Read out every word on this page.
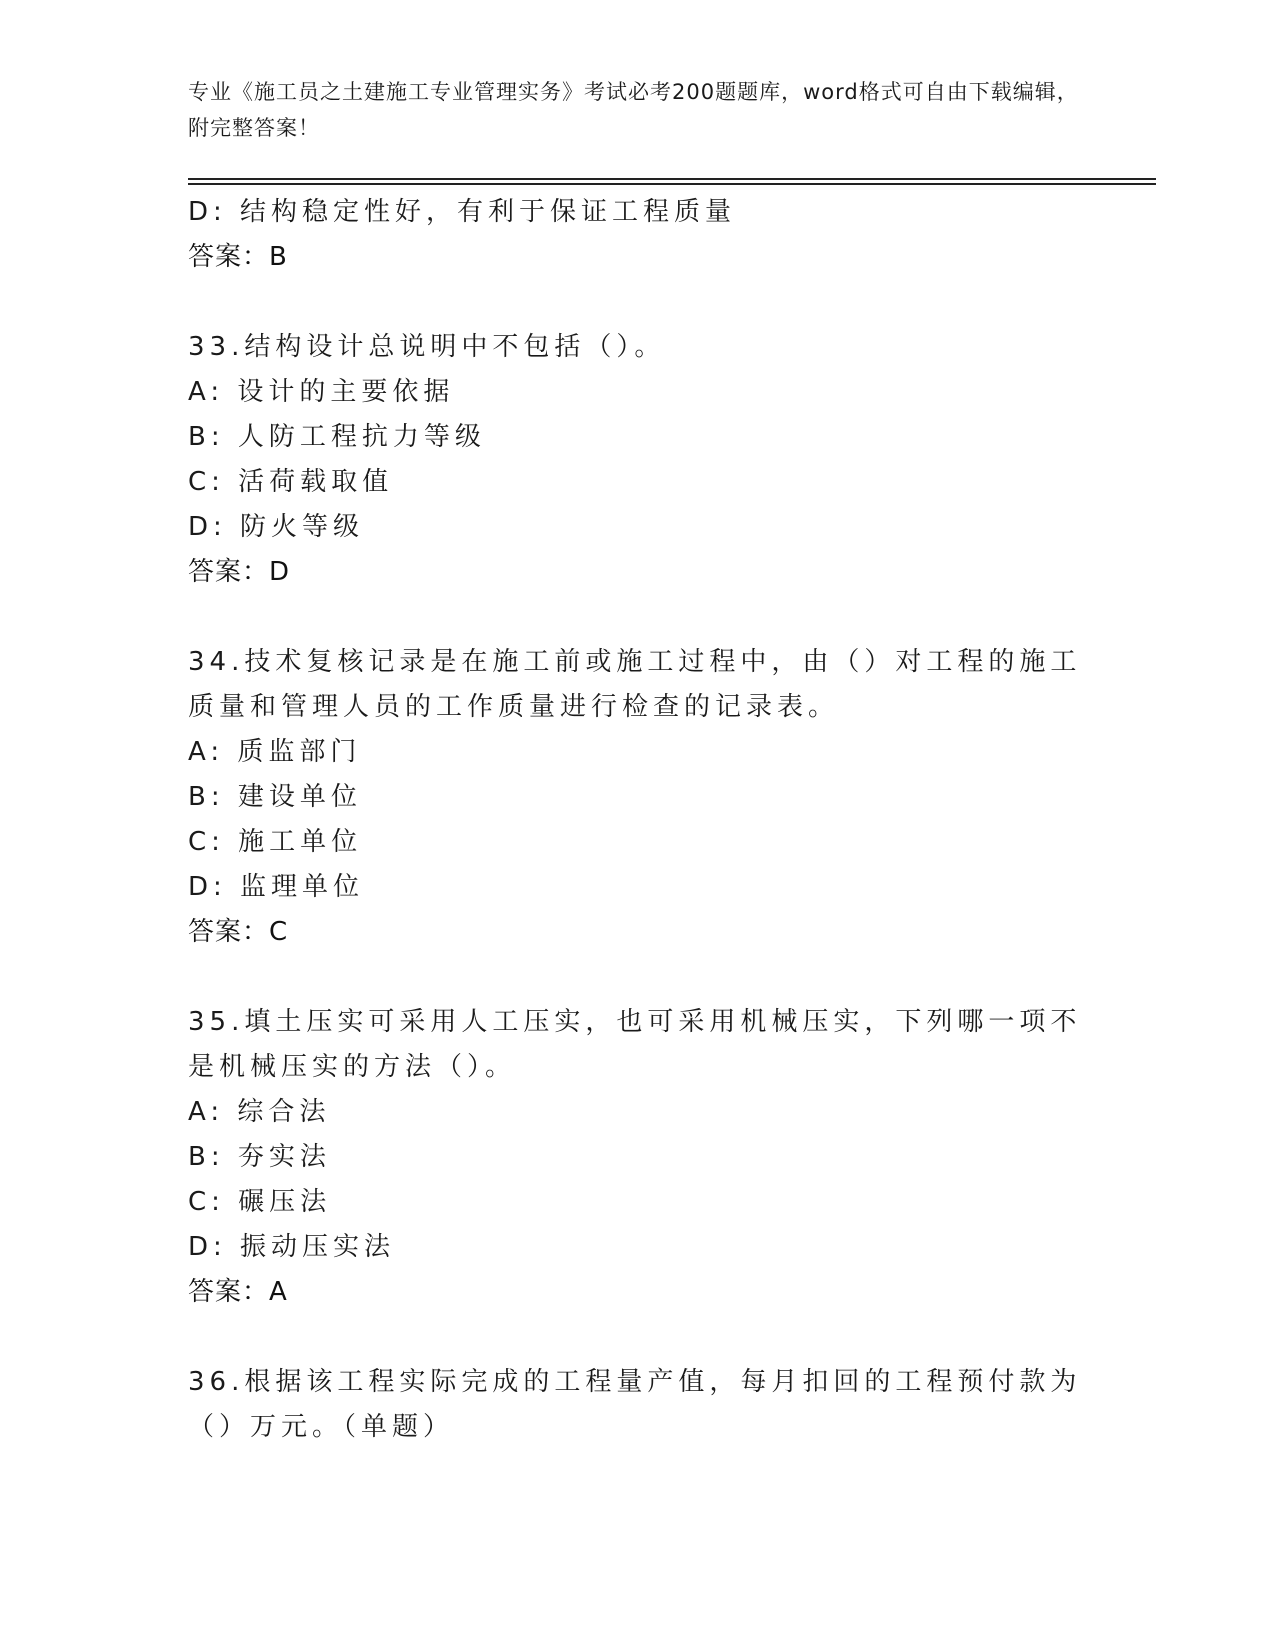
专业《施工员之土建施工专业管理实务》考试必考200题题库，word格式可自由下载编辑，附完整答案！
D: 结构稳定性好，有利于保证工程质量
答案：B
33.结构设计总说明中不包括（）。
A: 设计的主要依据
B: 人防工程抗力等级
C: 活荷载取值
D: 防火等级
答案：D
34.技术复核记录是在施工前或施工过程中，由（）对工程的施工质量和管理人员的工作质量进行检查的记录表。
A: 质监部门
B: 建设单位
C: 施工单位
D: 监理单位
答案：C
35.填土压实可采用人工压实，也可采用机械压实，下列哪一项不是机械压实的方法（）。
A: 综合法
B: 夯实法
C: 碾压法
D: 振动压实法
答案：A
36.根据该工程实际完成的工程量产值，每月扣回的工程预付款为（）万元。（单题）
